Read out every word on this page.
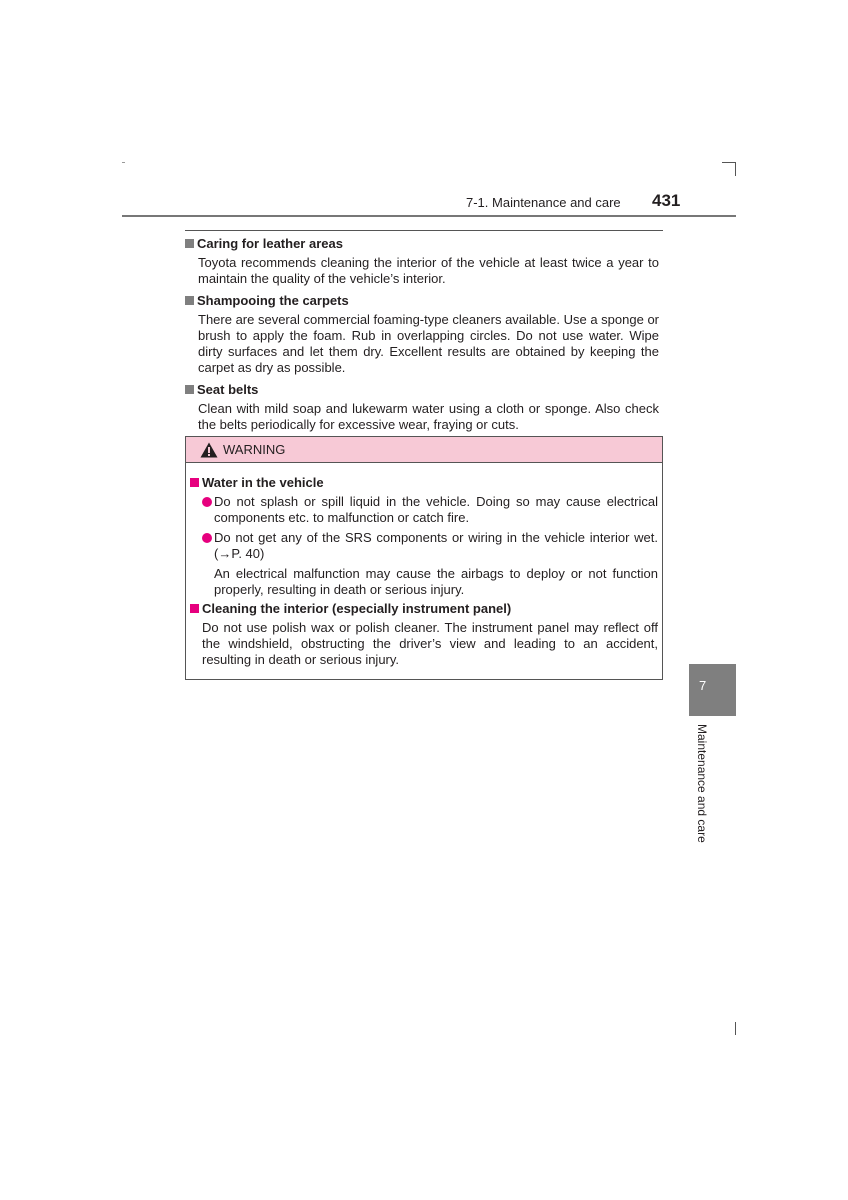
7-1. Maintenance and care 431
Caring for leather areas

Toyota recommends cleaning the interior of the vehicle at least twice a year to maintain the quality of the vehicle’s interior.

Shampooing the carpets

There are several commercial foaming-type cleaners available. Use a sponge or brush to apply the foam. Rub in overlapping circles. Do not use water. Wipe dirty surfaces and let them dry. Excellent results are obtained by keeping the carpet as dry as possible.

Seat belts

Clean with mild soap and lukewarm water using a cloth or sponge. Also check the belts periodically for excessive wear, fraying or cuts.

WARNING
Water in the vehicle
Do not splash or spill liquid in the vehicle. Doing so may cause electrical components etc. to malfunction or catch fire.
Do not get any of the SRS components or wiring in the vehicle interior wet. (→P. 40)

An electrical malfunction may cause the airbags to deploy or not function properly, resulting in death or serious injury.

Cleaning the interior (especially instrument panel)

Do not use polish wax or polish cleaner. The instrument panel may reflect off the windshield, obstructing the driver’s view and leading to an accident, resulting in death or serious injury.

7
Maintenance and care
